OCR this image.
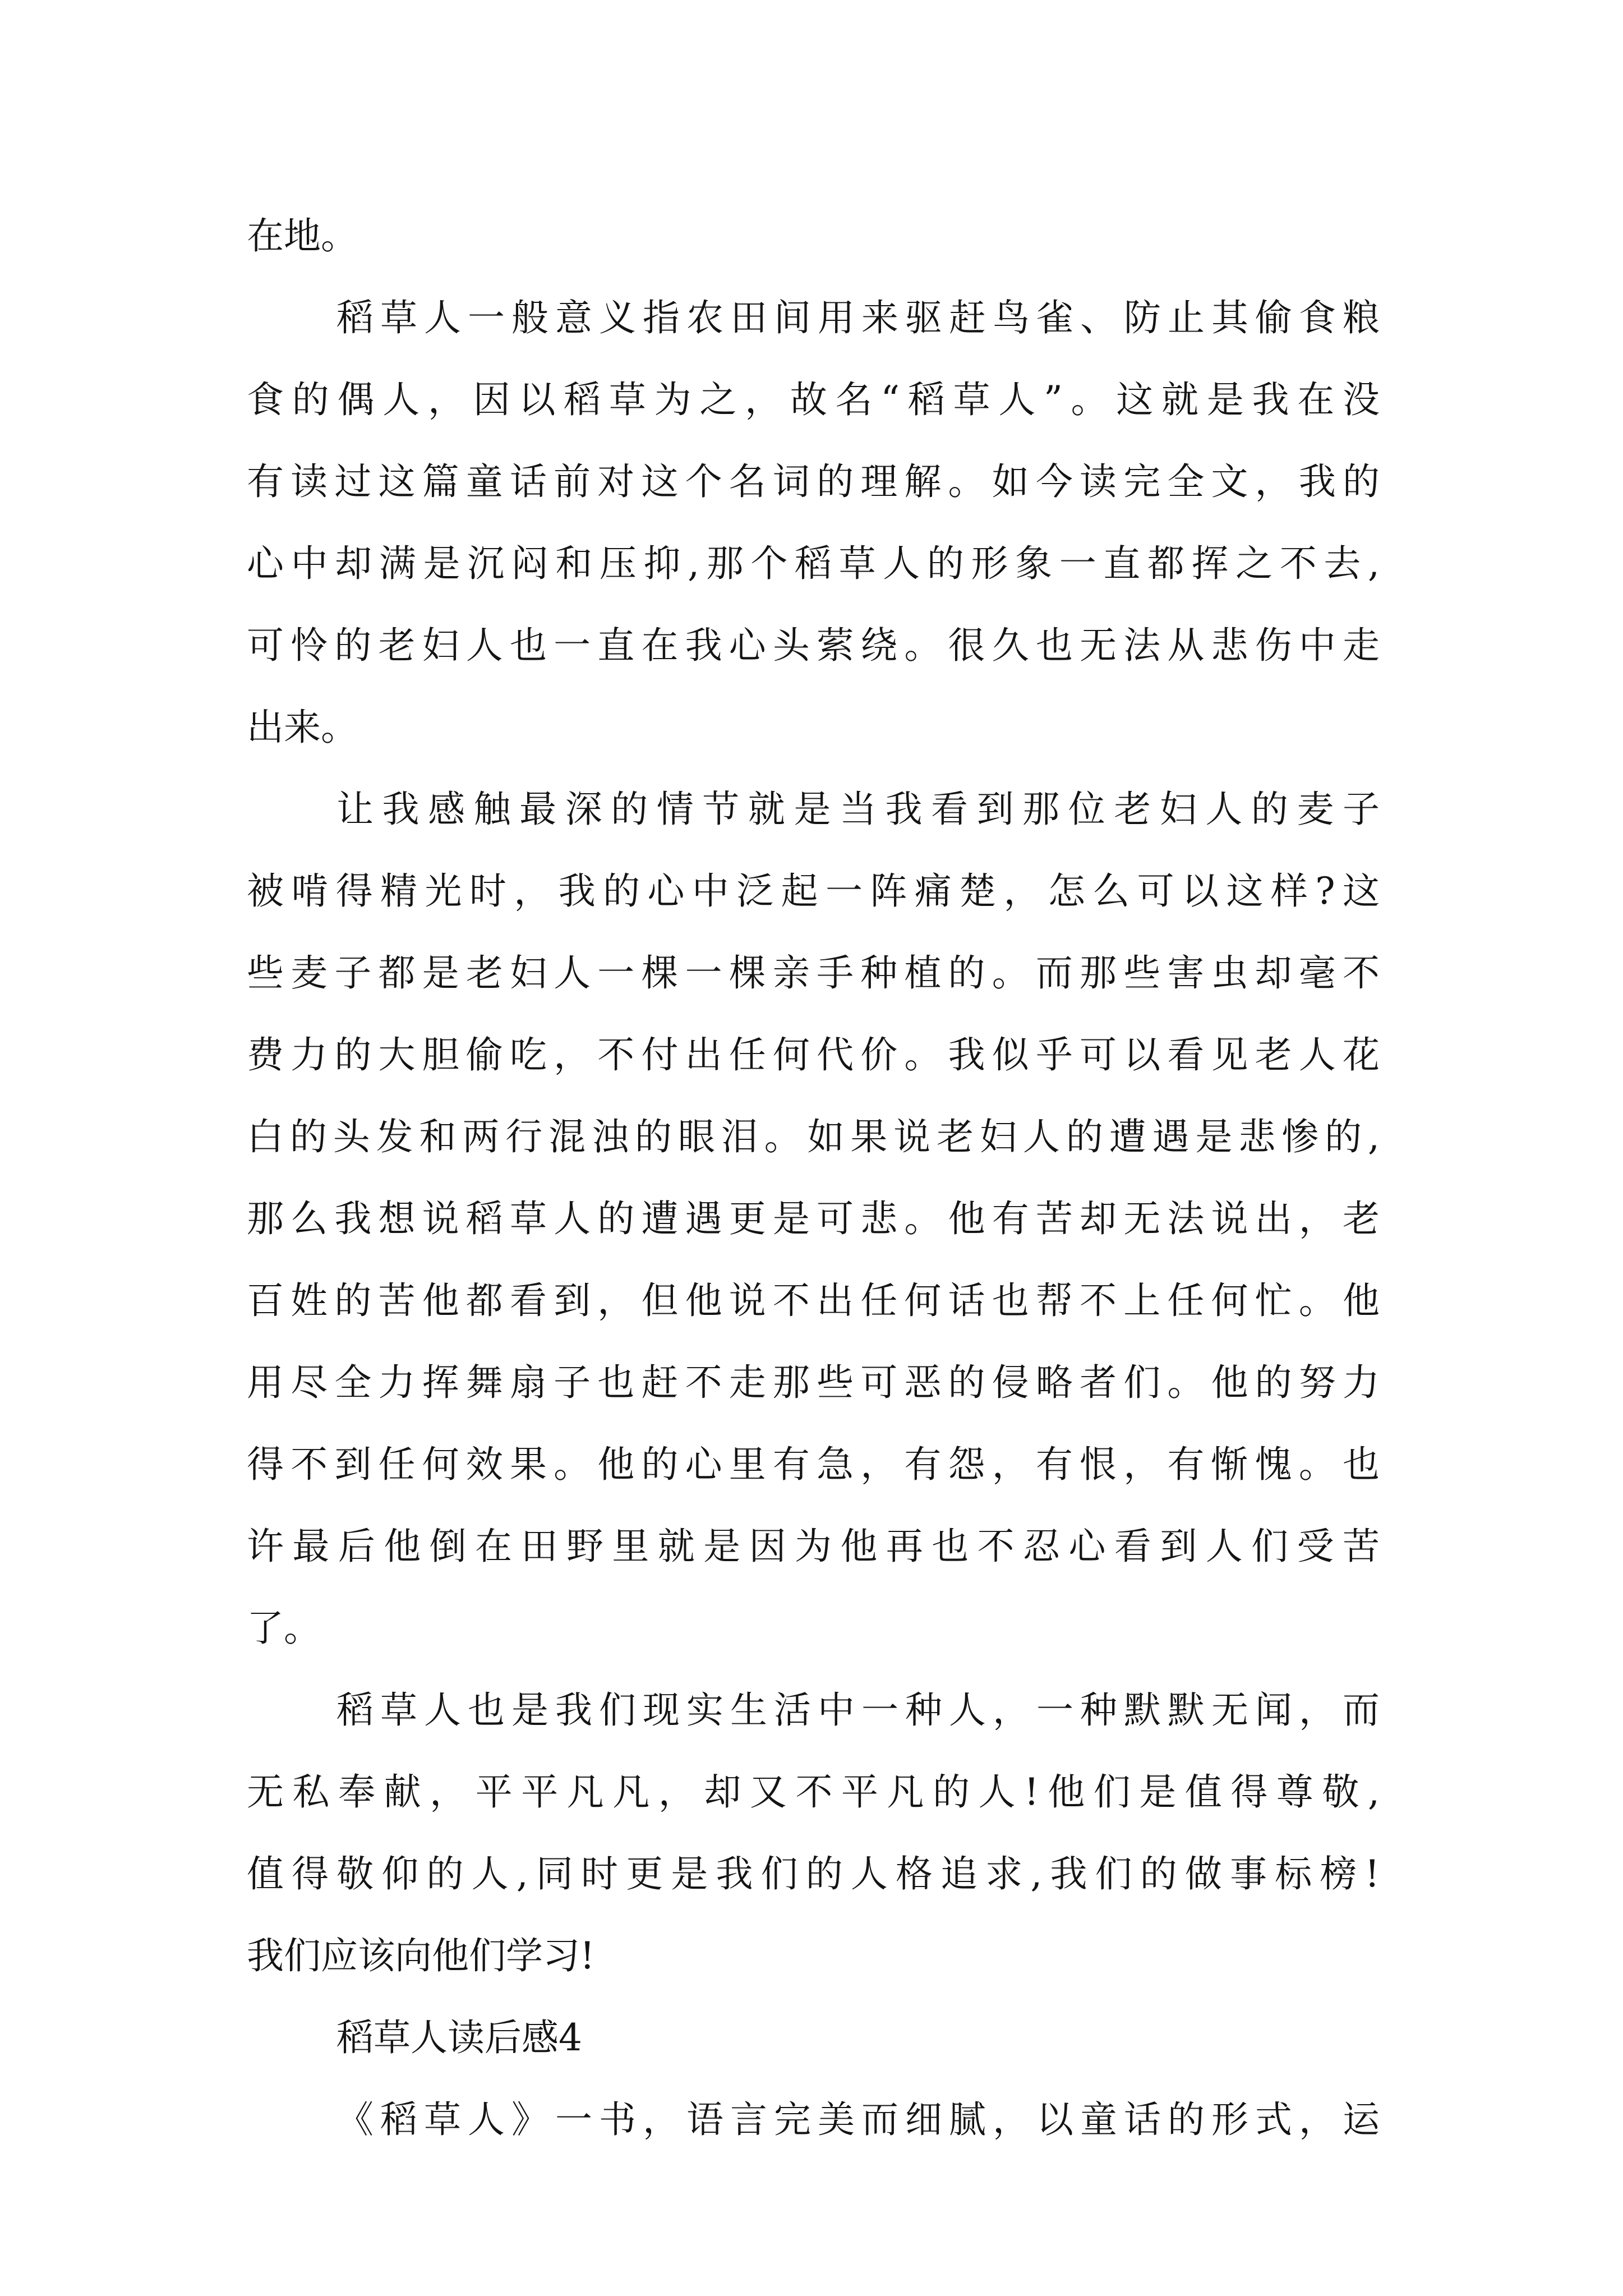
在地。

稻草人一般意义指农田间用来驱赶鸟雀、防止其偷食粮

食的偶人，因以稻草为之，故名“稻草人”。这就是我在没

有读过这篇童话前对这个名词的理解。如今读完全文，我的

心中却满是沉闷和压抑,那个稻草人的形象一直都挥之不去,

可怜的老妇人也一直在我心头萦绕。很久也无法从悲伤中走

出来。

让我感触最深的情节就是当我看到那位老妇人的麦子

被啃得精光时，我的心中泛起一阵痛楚，怎么可以这样?这

些麦子都是老妇人一棵一棵亲手种植的。而那些害虫却毫不

费力的大胆偷吃，不付出任何代价。我似乎可以看见老人花

白的头发和两行混浊的眼泪。如果说老妇人的遭遇是悲惨的,

那么我想说稻草人的遭遇更是可悲。他有苦却无法说出，老

百姓的苦他都看到，但他说不出任何话也帮不上任何忙。他

用尽全力挥舞扇子也赶不走那些可恶的侵略者们。他的努力

得不到任何效果。他的心里有急，有怨，有恨，有惭愧。也

许最后他倒在田野里就是因为他再也不忍心看到人们受苦

了。

稻草人也是我们现实生活中一种人，一种默默无闻，而

无私奉献，平平凡凡，却又不平凡的人!他们是值得尊敬,

值得敬仰的人,同时更是我们的人格追求,我们的做事标榜!

我们应该向他们学习!

稻草人读后感4

《稻草人》一书，语言完美而细腻，以童话的形式，运
